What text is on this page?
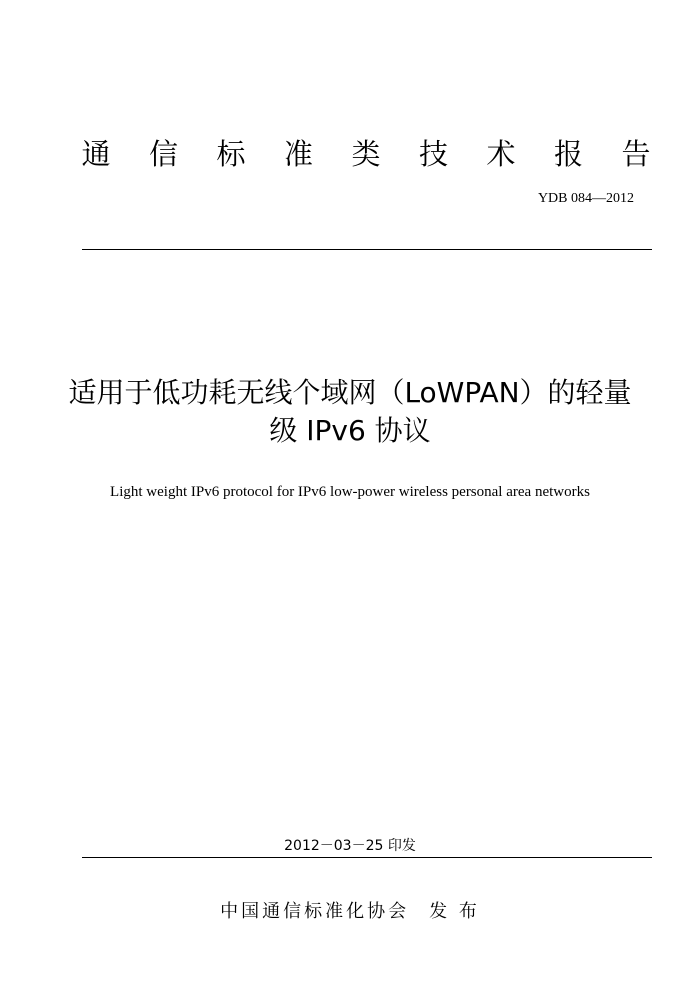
通 信 标 准 类 技 术 报 告
YDB 084—2012
适用于低功耗无线个域网（LoWPAN）的轻量
级 IPv6 协议
Light weight IPv6 protocol for IPv6 low-power wireless personal area networks
2012－03－25 印发
中国通信标准化协会 发 布
